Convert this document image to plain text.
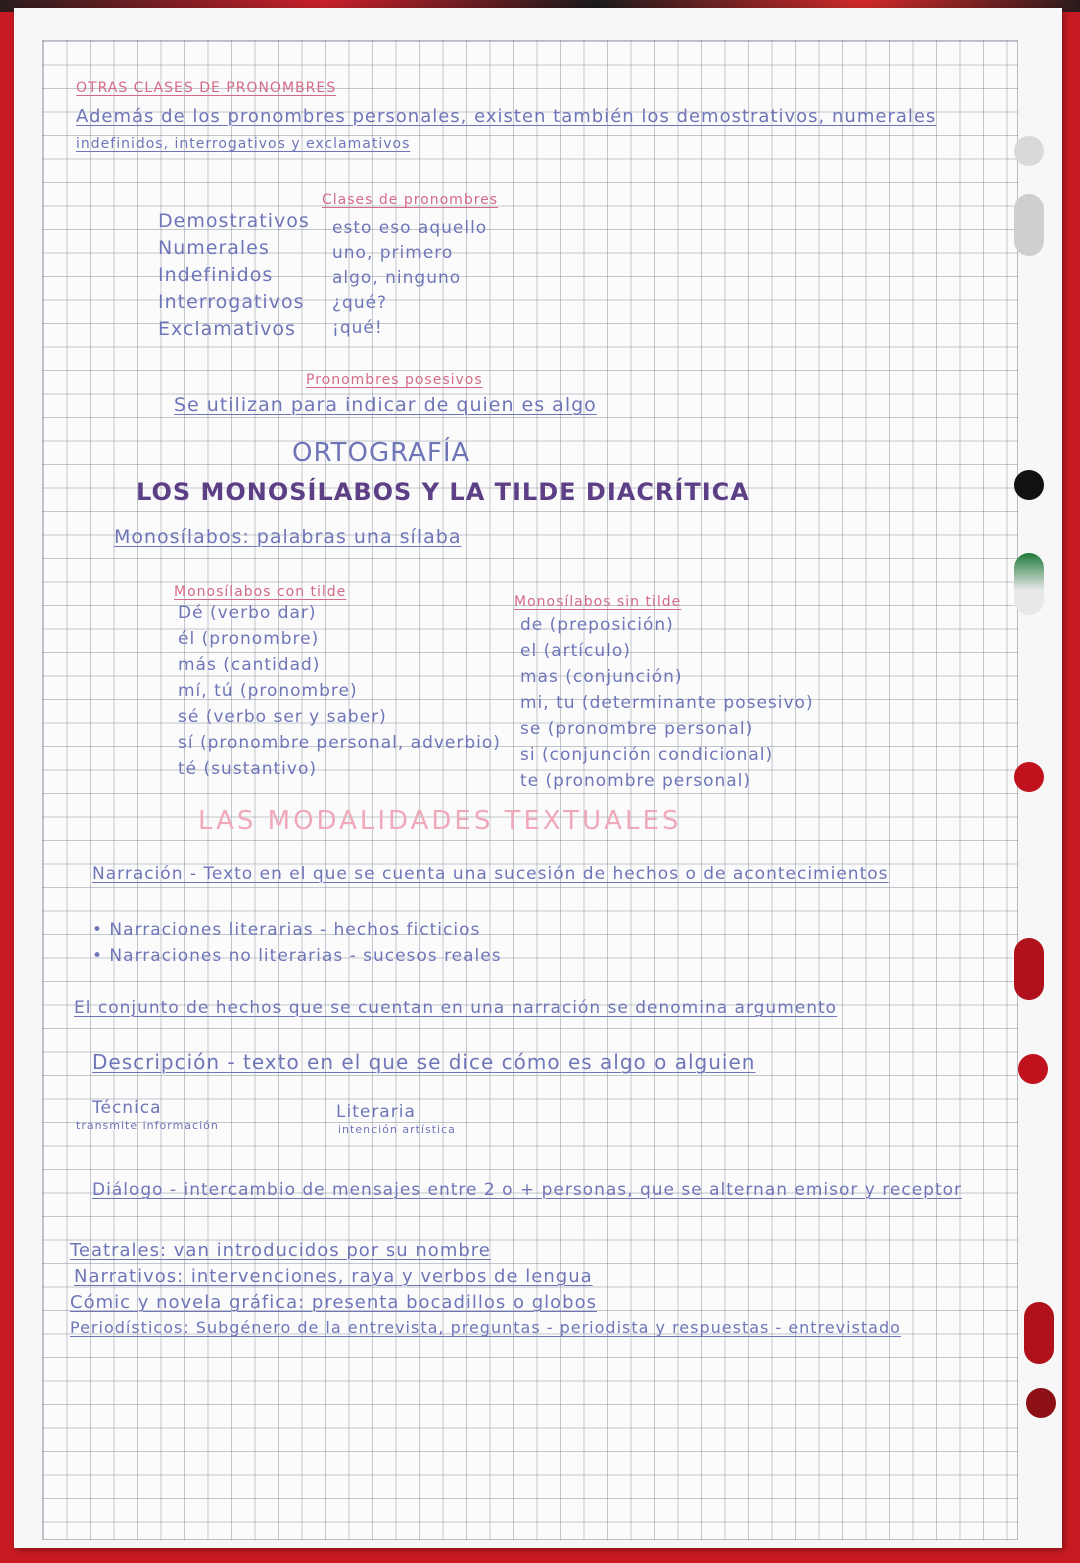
OTRAS CLASES DE PRONOMBRES
Además de los pronombres personales, existen también los demostrativos, numerales
indefinidos, interrogativos y exclamativos
Clases de pronombres
Demostrativos
Numerales
Indefinidos
Interrogativos
Exclamativos
esto eso aquello
uno, primero
algo, ninguno
¿qué?
¡qué!
Pronombres posesivos
Se utilizan para indicar de quien es algo
ORTOGRAFÍA
LOS MONOSÍLABOS Y LA TILDE DIACRÍTICA
Monosílabos: palabras una sílaba
Monosílabos con tilde
Dé (verbo dar)
él (pronombre)
más (cantidad)
mí, tú (pronombre)
sé (verbo ser y saber)
sí (pronombre personal, adverbio)
té (sustantivo)
Monosílabos sin tilde
de (preposición)
el (artículo)
mas (conjunción)
mi, tu (determinante posesivo)
se (pronombre personal)
si (conjunción condicional)
te (pronombre personal)
LAS MODALIDADES TEXTUALES
Narración - Texto en el que se cuenta una sucesión de hechos o de acontecimientos
• Narraciones literarias - hechos ficticios
• Narraciones no literarias - sucesos reales
El conjunto de hechos que se cuentan en una narración se denomina argumento
Descripción - texto en el que se dice cómo es algo o alguien
Técnica
transmite información
Literaria
intención artística
Diálogo - intercambio de mensajes entre 2 o + personas, que se alternan emisor y receptor
Teatrales: van introducidos por su nombre
Narrativos: intervenciones, raya y verbos de lengua
Cómic y novela gráfica: presenta bocadillos o globos
Periodísticos: Subgénero de la entrevista, preguntas - periodista y respuestas - entrevistado
